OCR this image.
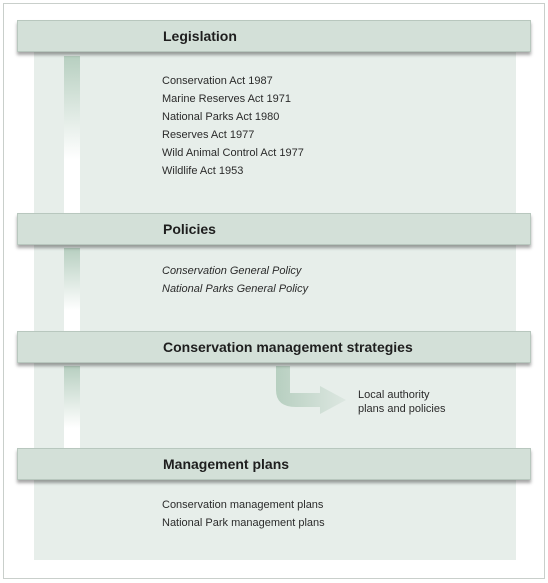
Legislation
Conservation Act 1987
Marine Reserves Act 1971
National Parks Act 1980
Reserves Act 1977
Wild Animal Control Act 1977
Wildlife Act 1953
Policies
Conservation General Policy
National Parks General Policy
Conservation management strategies
Local authority
plans and policies
Management plans
Conservation management plans
National Park management plans
